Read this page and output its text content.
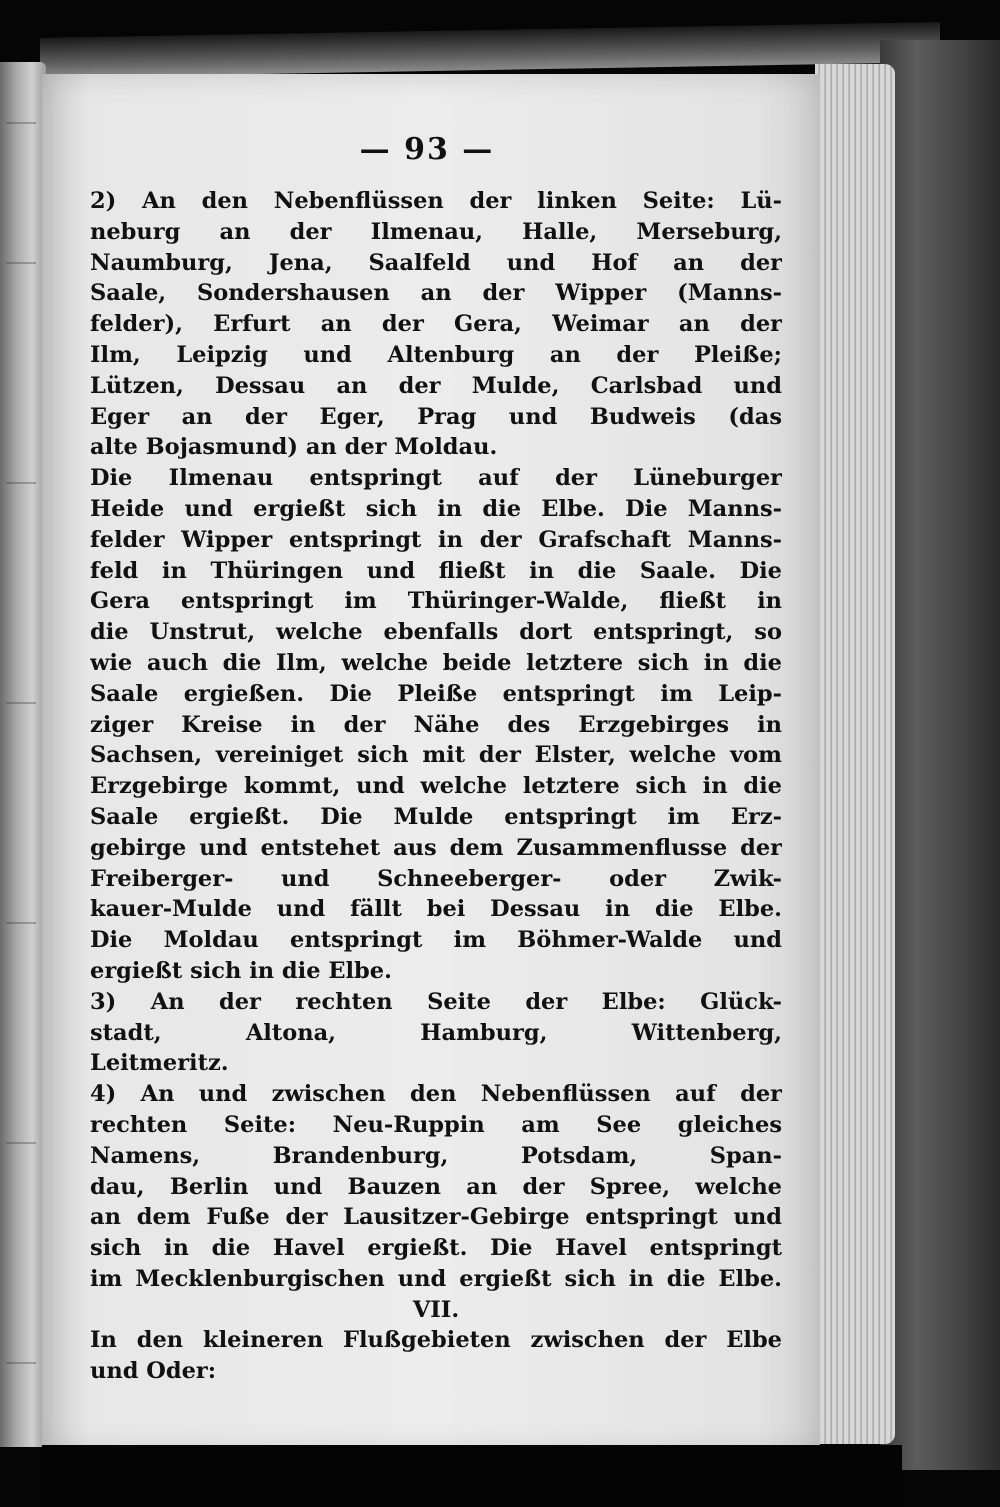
— 93 —
2) An den Nebenflüssen der linken Seite: Lü-
neburg an der Ilmenau, Halle, Merseburg,
Naumburg, Jena, Saalfeld und Hof an der
Saale, Sondershausen an der Wipper (Manns-
felder), Erfurt an der Gera, Weimar an der
Ilm, Leipzig und Altenburg an der Pleiße;
Lützen, Dessau an der Mulde, Carlsbad und
Eger an der Eger, Prag und Budweis (das
alte Bojasmund) an der Moldau.
Die Ilmenau entspringt auf der Lüneburger
Heide und ergießt sich in die Elbe. Die Manns-
felder Wipper entspringt in der Grafschaft Manns-
feld in Thüringen und fließt in die Saale. Die
Gera entspringt im Thüringer-Walde, fließt in
die Unstrut, welche ebenfalls dort entspringt, so
wie auch die Ilm, welche beide letztere sich in die
Saale ergießen. Die Pleiße entspringt im Leip-
ziger Kreise in der Nähe des Erzgebirges in
Sachsen, vereiniget sich mit der Elster, welche vom
Erzgebirge kommt, und welche letztere sich in die
Saale ergießt. Die Mulde entspringt im Erz-
gebirge und entstehet aus dem Zusammenflusse der
Freiberger- und Schneeberger- oder Zwik-
kauer-Mulde und fällt bei Dessau in die Elbe.
Die Moldau entspringt im Böhmer-Walde und
ergießt sich in die Elbe.
3) An der rechten Seite der Elbe: Glück-
stadt, Altona, Hamburg, Wittenberg,
Leitmeritz.
4) An und zwischen den Nebenflüssen auf der
rechten Seite: Neu-Ruppin am See gleiches
Namens, Brandenburg, Potsdam, Span-
dau, Berlin und Bauzen an der Spree, welche
an dem Fuße der Lausitzer-Gebirge entspringt und
sich in die Havel ergießt. Die Havel entspringt
im Mecklenburgischen und ergießt sich in die Elbe.
VII.
In den kleineren Flußgebieten zwischen der Elbe
und Oder:
